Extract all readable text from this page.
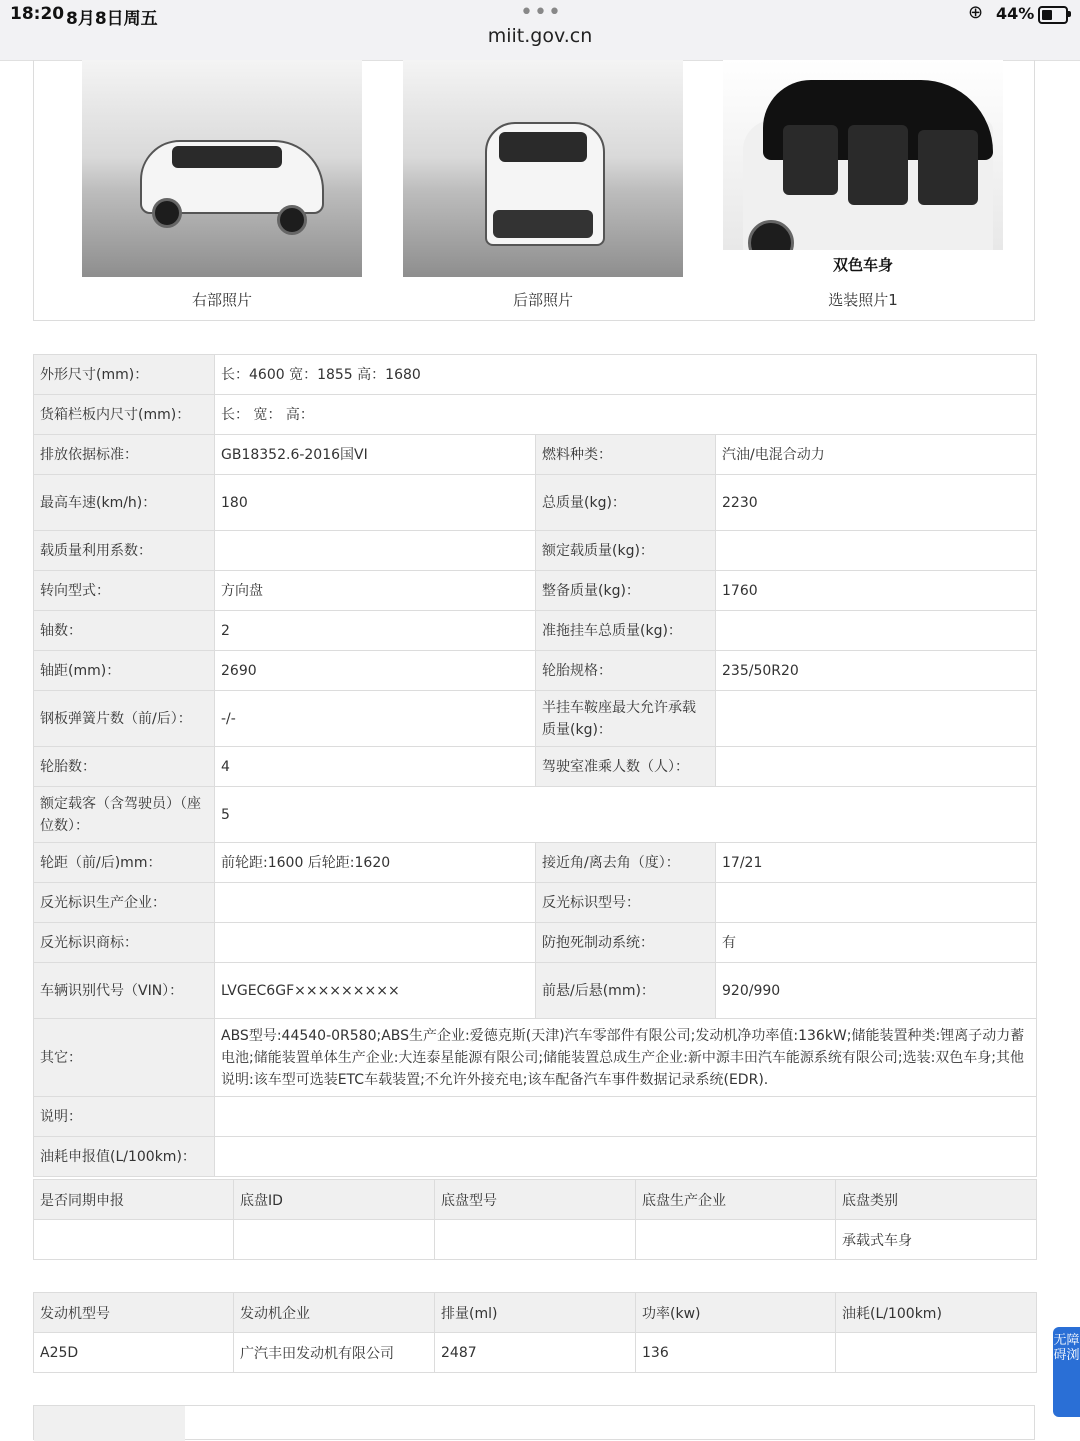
18:20 8月8日周五	•••
miit.gov.cn
⊕ 44%
右部照片	后部照片
双色车身
选装照片1
外形尺寸(mm)：	长：4600 宽：1855 高：1680		
货箱栏板内尺寸(mm)：	长： 宽： 高：		
排放依据标准：	GB18352.6-2016国VI	燃料种类：	汽油/电混合动力
最高车速(km/h)：	180	总质量(kg)：	2230
载质量利用系数：		额定载质量(kg)：	
转向型式：	方向盘	整备质量(kg)：	1760
轴数：	2	准拖挂车总质量(kg)：	
轴距(mm)：	2690	轮胎规格：	235/50R20
钢板弹簧片数（前/后）：	-/-	半挂车鞍座最大允许承载质量(kg)：	
轮胎数：	4	驾驶室准乘人数（人）：	
额定载客（含驾驶员）（座位数）：	5		
轮距（前/后)mm：	前轮距:1600 后轮距:1620	接近角/离去角（度）：	17/21
反光标识生产企业：		反光标识型号：	
反光标识商标：		防抱死制动系统：	有
车辆识别代号（VIN）：	LVGEC6GF×××××××××	前悬/后悬(mm)：	920/990
其它：	ABS型号:44540-0R580;ABS生产企业:爱德克斯(天津)汽车零部件有限公司;发动机净功率值:136kW;储能装置种类:锂离子动力蓄电池;储能装置单体生产企业:大连泰星能源有限公司;储能装置总成生产企业:新中源丰田汽车能源系统有限公司;选装:双色车身;其他说明:该车型可选装ETC车载装置;不允许外接充电;该车配备汽车事件数据记录系统(EDR).		
说明：			
油耗申报值(L/100km)：			
是否同期申报	底盘ID	底盘型号	底盘生产企业	底盘类别
				承载式车身
发动机型号	发动机企业	排量(ml)	功率(kw)	油耗(L/100km)
A25D	广汽丰田发动机有限公司	2487	136	
无障碍浏
